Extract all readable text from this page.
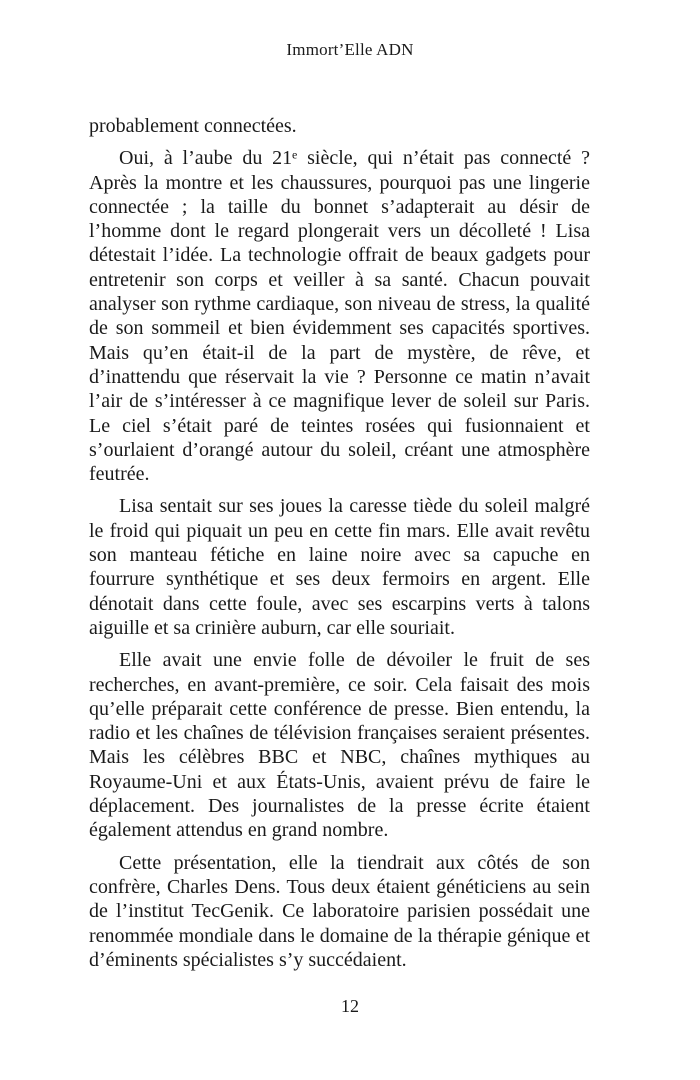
Immort’Elle ADN

probablement connectées.

Oui, à l’aube du 21ᵉ siècle, qui n’était pas connecté ? Après la montre et les chaussures, pourquoi pas une lingerie connectée ; la taille du bonnet s’adapterait au désir de l’homme dont le regard plongerait vers un décolleté ! Lisa détestait l’idée. La technologie offrait de beaux gadgets pour entretenir son corps et veiller à sa santé. Chacun pouvait analyser son rythme cardiaque, son niveau de stress, la qualité de son sommeil et bien évidemment ses capacités sportives. Mais qu’en était-il de la part de mystère, de rêve, et d’inattendu que réservait la vie ? Personne ce matin n’avait l’air de s’intéresser à ce magnifique lever de soleil sur Paris. Le ciel s’était paré de teintes rosées qui fusionnaient et s’ourlaient d’orangé autour du soleil, créant une atmosphère feutrée.

Lisa sentait sur ses joues la caresse tiède du soleil malgré le froid qui piquait un peu en cette fin mars. Elle avait revêtu son manteau fétiche en laine noire avec sa capuche en fourrure synthétique et ses deux fermoirs en argent. Elle dénotait dans cette foule, avec ses escarpins verts à talons aiguille et sa crinière auburn, car elle souriait.

Elle avait une envie folle de dévoiler le fruit de ses recherches, en avant-première, ce soir. Cela faisait des mois qu’elle préparait cette conférence de presse. Bien entendu, la radio et les chaînes de télévision françaises seraient présentes. Mais les célèbres BBC et NBC, chaînes mythiques au Royaume-Uni et aux États-Unis, avaient prévu de faire le déplacement. Des journalistes de la presse écrite étaient également attendus en grand nombre.

Cette présentation, elle la tiendrait aux côtés de son confrère, Charles Dens. Tous deux étaient généticiens au sein de l’institut TecGenik. Ce laboratoire parisien possédait une renommée mondiale dans le domaine de la thérapie génique et d’éminents spécialistes s’y succédaient.

12
